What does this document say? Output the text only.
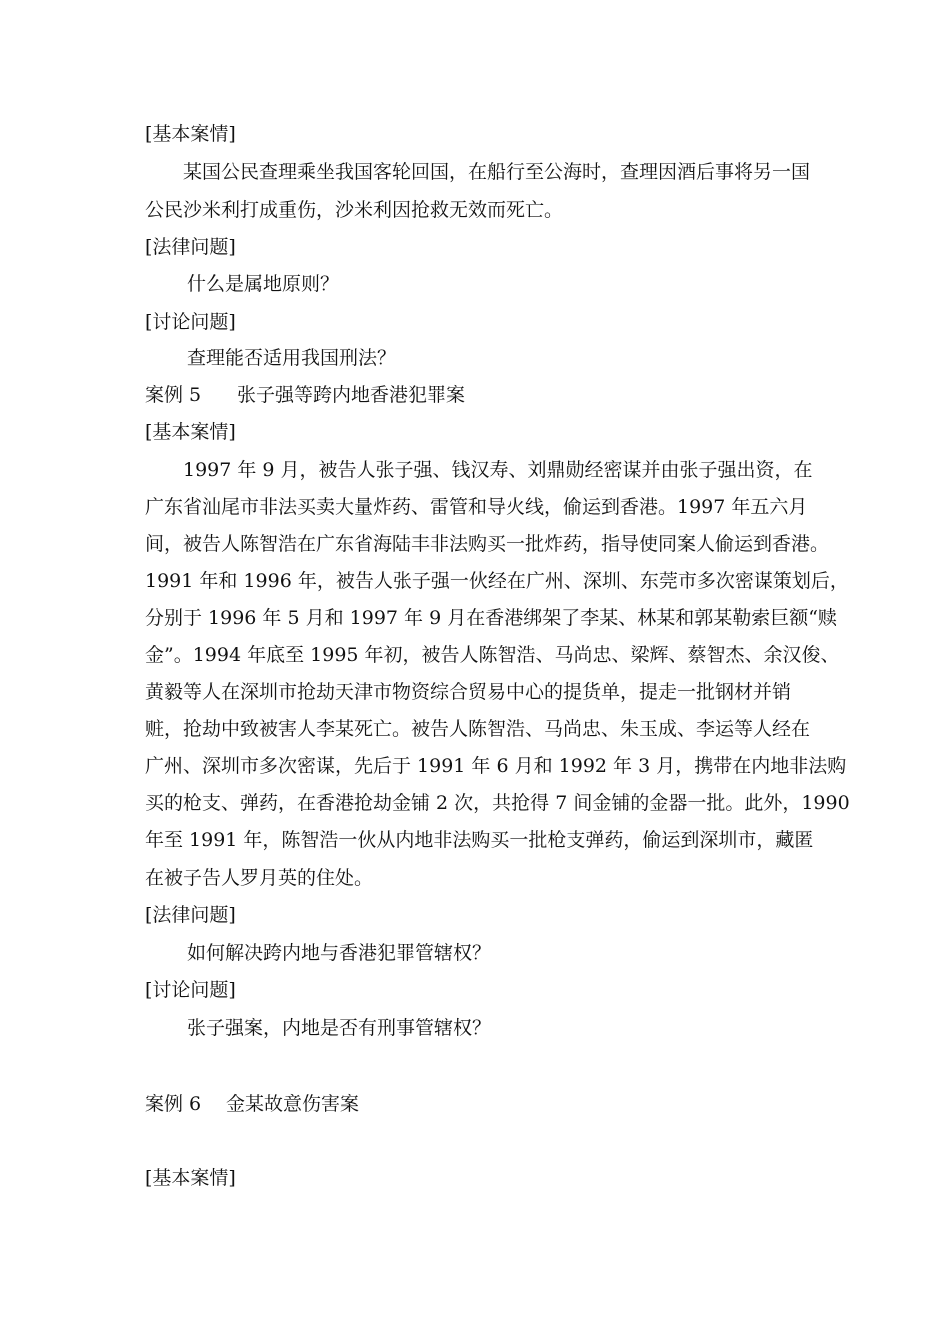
[基本案情]
某国公民查理乘坐我国客轮回国，在船行至公海时，查理因酒后事将另一国
公民沙米利打成重伤，沙米利因抢救无效而死亡。
[法律问题]
什么是属地原则？
[讨论问题]
查理能否适用我国刑法？
案例 5 张子强等跨内地香港犯罪案
[基本案情]
1997 年 9 月，被告人张子强、钱汉寿、刘鼎勋经密谋并由张子强出资，在
广东省汕尾市非法买卖大量炸药、雷管和导火线，偷运到香港。1997 年五六月
间，被告人陈智浩在广东省海陆丰非法购买一批炸药，指导使同案人偷运到香港。
1991 年和 1996 年，被告人张子强一伙经在广州、深圳、东莞市多次密谋策划后，
分别于 1996 年 5 月和 1997 年 9 月在香港绑架了李某、林某和郭某勒索巨额“赎
金”。1994 年底至 1995 年初，被告人陈智浩、马尚忠、梁辉、蔡智杰、余汉俊、
黄毅等人在深圳市抢劫天津市物资综合贸易中心的提货单，提走一批钢材并销
赃，抢劫中致被害人李某死亡。被告人陈智浩、马尚忠、朱玉成、李运等人经在
广州、深圳市多次密谋，先后于 1991 年 6 月和 1992 年 3 月，携带在内地非法购
买的枪支、弹药，在香港抢劫金铺 2 次，共抢得 7 间金铺的金器一批。此外，1990
年至 1991 年，陈智浩一伙从内地非法购买一批枪支弹药，偷运到深圳市，藏匿
在被子告人罗月英的住处。
[法律问题]
如何解决跨内地与香港犯罪管辖权？
[讨论问题]
张子强案，内地是否有刑事管辖权？
案例 6 金某故意伤害案
[基本案情]
